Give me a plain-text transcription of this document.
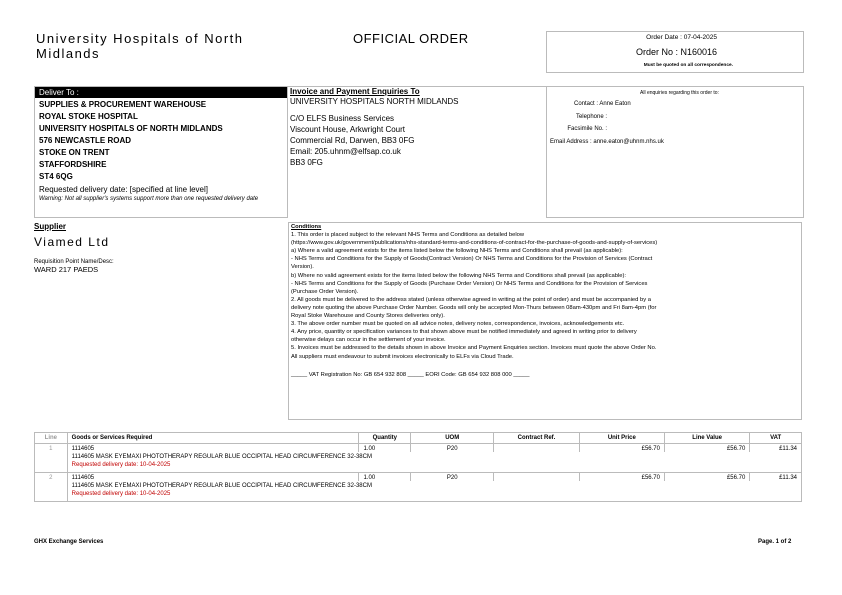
University Hospitals of North
Midlands
OFFICIAL ORDER	Order Date : 07-04-2025
Order No : N160016
Must be quoted on all correspondence.
Deliver To :
SUPPLIES & PROCUREMENT WAREHOUSE
ROYAL STOKE HOSPITAL
UNIVERSITY HOSPITALS OF NORTH MIDLANDS
576 NEWCASTLE ROAD
STOKE ON TRENT
STAFFORDSHIRE
ST4 6QG
Requested delivery date: [specified at line level]
Warning: Not all supplier's systems support more than one requested delivery date
Invoice and Payment Enquiries To
UNIVERSITY HOSPITALS NORTH MIDLANDS
C/O ELFS Business Services
Viscount House, Arkwright Court
Commercial Rd, Darwen, BB3 0FG
Email: 205.uhnm@elfsap.co.uk
BB3 0FG
All enquiries regarding this order to:
Contact : Anne Eaton
Telephone :
Facsimile No. :
Email Address : anne.eaton@uhnm.nhs.uk
Supplier
Viamed Ltd
Requisition Point Name/Desc:
WARD 217 PAEDS
Conditions
1. This order is placed subject to the relevant NHS Terms and Conditions as detailed below
(https://www.gov.uk/government/publications/nhs-standard-terms-and-conditions-of-contract-for-the-purchase-of-goods-and-supply-of-services)
a) Where a valid agreement exists for the items listed below the following NHS Terms and Conditions shall prevail (as applicable):
- NHS Terms and Conditions for the Supply of Goods(Contract Version) Or NHS Terms and Conditions for the Provision of Services (Contract
Version).
b) Where no valid agreement exists for the items listed below the following NHS Terms and Conditions shall prevail (as applicable):
- NHS Terms and Conditions for the Supply of Goods (Purchase Order Version) Or NHS Terms and Conditions for the Provision of Services
(Purchase Order Version).
2. All goods must be delivered to the address stated (unless otherwise agreed in writing at the point of order) and must be accompanied by a
delivery note quoting the above Purchase Order Number. Goods will only be accepted Mon-Thurs between 08am-430pm and Fri 8am-4pm (for
Royal Stoke Warehouse and County Stores deliveries only).
3. The above order number must be quoted on all advice notes, delivery notes, correspondence, invoices, acknowledgements etc.
4. Any price, quantity or specification variances to that shown above must be notified immediately and agreed in writing prior to delivery
otherwise delays can occur in the settlement of your invoice.
5. Invoices must be addressed to the details shown in above Invoice and Payment Enquiries section. Invoices must quote the above Order No.
All suppliers must endeavour to submit invoices electronically to ELFs via Cloud Trade.
_____ VAT Registration No: GB 654 932 808 _____ EORI Code: GB 654 932 808 000 _____
Line	Goods or Services Required	Quantity	UOM	Contract Ref.	Unit Price	Line Value	VAT
1	1114605	1.00	P20		£56.70	£56.70	£11.34
	1114605 MASK EYEMAXI PHOTOTHERAPY REGULAR BLUE OCCIPITAL HEAD CIRCUMFERENCE 32-38CM						
	Requested delivery date: 10-04-2025						
2	1114605	1.00	P20		£56.70	£56.70	£11.34
	1114605 MASK EYEMAXI PHOTOTHERAPY REGULAR BLUE OCCIPITAL HEAD CIRCUMFERENCE 32-38CM						
	Requested delivery date: 10-04-2025						
GHX Exchange Services	Page. 1 of 2
